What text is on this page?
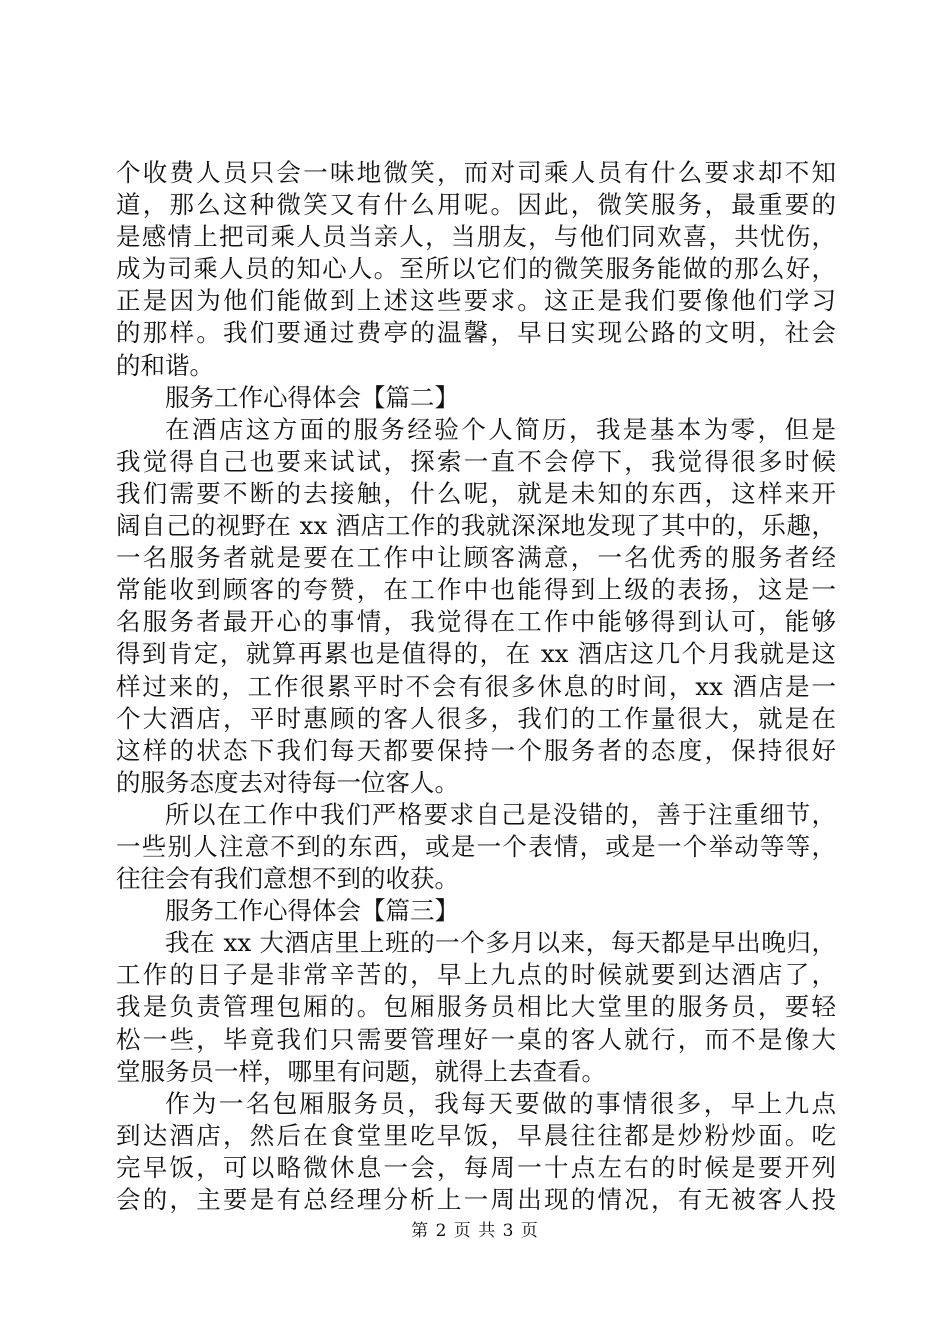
个收费人员只会一味地微笑，而对司乘人员有什么要求却不知
道，那么这种微笑又有什么用呢。因此，微笑服务，最重要的
是感情上把司乘人员当亲人，当朋友，与他们同欢喜，共忧伤，
成为司乘人员的知心人。至所以它们的微笑服务能做的那么好，
正是因为他们能做到上述这些要求。这正是我们要像他们学习
的那样。我们要通过费亭的温馨，早日实现公路的文明，社会
的和谐。
服务工作心得体会【篇二】
在酒店这方面的服务经验个人简历，我是基本为零，但是
我觉得自己也要来试试，探索一直不会停下，我觉得很多时候
我们需要不断的去接触，什么呢，就是未知的东西，这样来开
阔自己的视野在 xx 酒店工作的我就深深地发现了其中的，乐趣，
一名服务者就是要在工作中让顾客满意，一名优秀的服务者经
常能收到顾客的夸赞，在工作中也能得到上级的表扬，这是一
名服务者最开心的事情，我觉得在工作中能够得到认可，能够
得到肯定，就算再累也是值得的，在 xx 酒店这几个月我就是这
样过来的，工作很累平时不会有很多休息的时间，xx 酒店是一
个大酒店，平时惠顾的客人很多，我们的工作量很大，就是在
这样的状态下我们每天都要保持一个服务者的态度，保持很好
的服务态度去对待每一位客人。
所以在工作中我们严格要求自己是没错的，善于注重细节，
一些别人注意不到的东西，或是一个表情，或是一个举动等等，
往往会有我们意想不到的收获。
服务工作心得体会【篇三】
我在 xx 大酒店里上班的一个多月以来，每天都是早出晚归，
工作的日子是非常辛苦的，早上九点的时候就要到达酒店了，
我是负责管理包厢的。包厢服务员相比大堂里的服务员，要轻
松一些，毕竟我们只需要管理好一桌的客人就行，而不是像大
堂服务员一样，哪里有问题，就得上去查看。
作为一名包厢服务员，我每天要做的事情很多，早上九点
到达酒店，然后在食堂里吃早饭，早晨往往都是炒粉炒面。吃
完早饭，可以略微休息一会，每周一十点左右的时候是要开列
会的，主要是有总经理分析上一周出现的情况，有无被客人投
第 2 页 共 3 页
